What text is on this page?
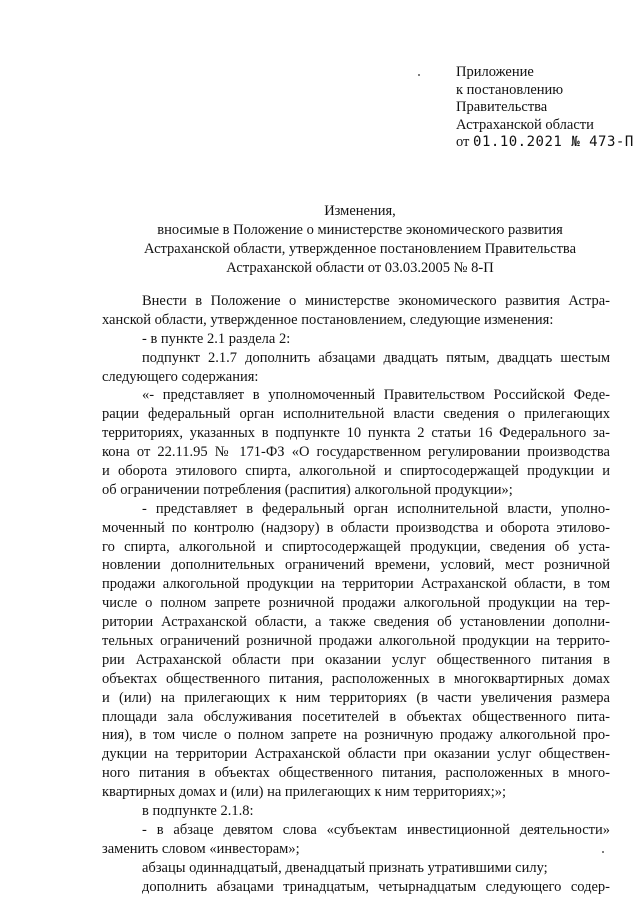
Приложение
к постановлению
Правительства
Астраханской области
от 01.10.2021 № 473-П
Изменения,
вносимые в Положение о министерстве экономического развития
Астраханской области, утвержденное постановлением Правительства
Астраханской области от 03.03.2005 № 8-П
Внести в Положение о министерстве экономического развития Астра-
ханской области, утвержденное постановлением, следующие изменения:
- в пункте 2.1 раздела 2:
подпункт 2.1.7 дополнить абзацами двадцать пятым, двадцать шестым
следующего содержания:
«- представляет в уполномоченный Правительством Российской Феде-
рации федеральный орган исполнительной власти сведения о прилегающих
территориях, указанных в подпункте 10 пункта 2 статьи 16 Федерального за-
кона от 22.11.95 № 171-ФЗ «О государственном регулировании производства
и оборота этилового спирта, алкогольной и спиртосодержащей продукции и
об ограничении потребления (распития) алкогольной продукции»;
- представляет в федеральный орган исполнительной власти, уполно-
моченный по контролю (надзору) в области производства и оборота этилово-
го спирта, алкогольной и спиртосодержащей продукции, сведения об уста-
новлении дополнительных ограничений времени, условий, мест розничной
продажи алкогольной продукции на территории Астраханской области, в том
числе о полном запрете розничной продажи алкогольной продукции на тер-
ритории Астраханской области, а также сведения об установлении дополни-
тельных ограничений розничной продажи алкогольной продукции на террито-
рии Астраханской области при оказании услуг общественного питания в
объектах общественного питания, расположенных в многоквартирных домах
и (или) на прилегающих к ним территориях (в части увеличения размера
площади зала обслуживания посетителей в объектах общественного пита-
ния), в том числе о полном запрете на розничную продажу алкогольной про-
дукции на территории Астраханской области при оказании услуг обществен-
ного питания в объектах общественного питания, расположенных в много-
квартирных домах и (или) на прилегающих к ним территориях;»;
в подпункте 2.1.8:
- в абзаце девятом слова «субъектам инвестиционной деятельности»
заменить словом «инвесторам»;
абзацы одиннадцатый, двенадцатый признать утратившими силу;
дополнить абзацами тринадцатым, четырнадцатым следующего содер-
